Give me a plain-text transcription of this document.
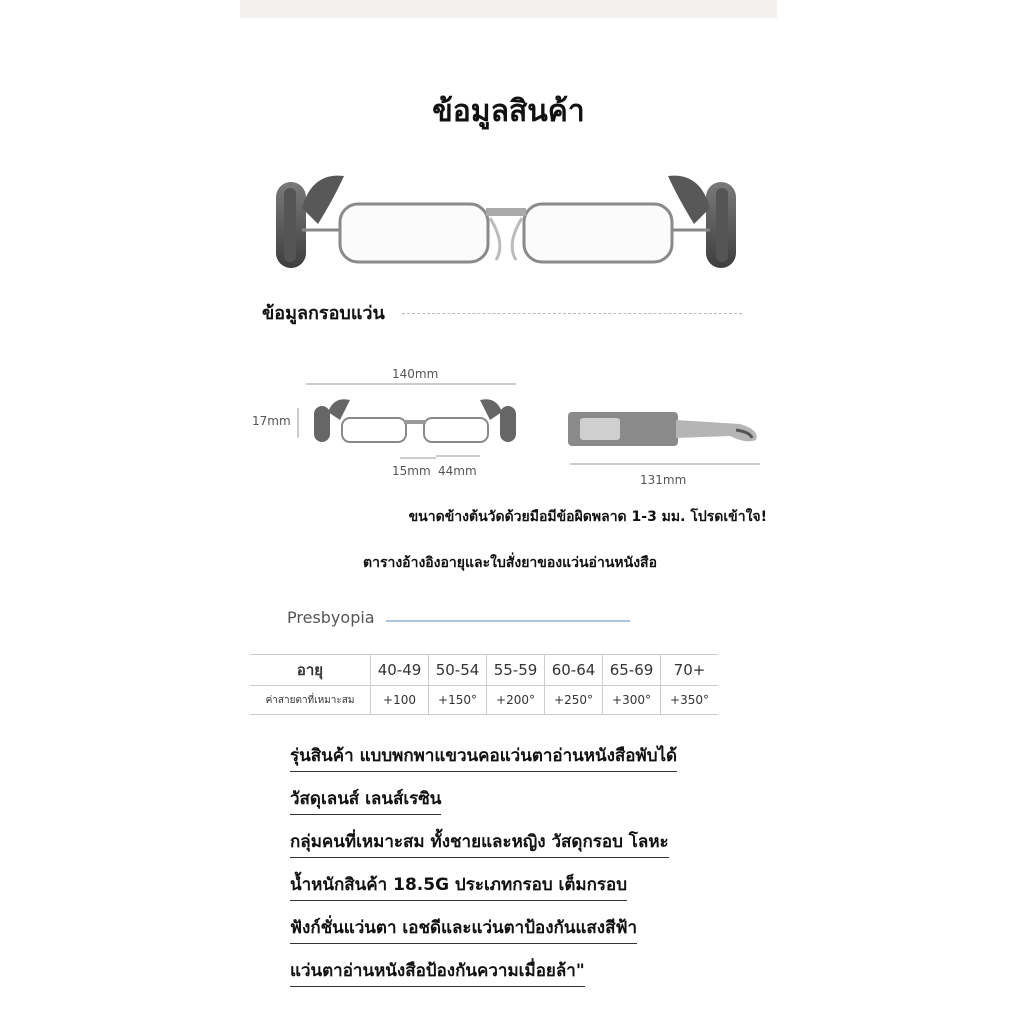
ข้อมูลสินค้า
ข้อมูลกรอบแว่น
140mm
17mm
15mm 44mm
131mm
ขนาดข้างต้นวัดด้วยมือมีข้อผิดพลาด 1-3 มม. โปรดเข้าใจ!
ตารางอ้างอิงอายุและใบสั่งยาของแว่นอ่านหนังสือ
Presbyopia
อายุ	40-49	50-54	55-59	60-64	65-69	70+
ค่าสายตาที่เหมาะสม	+100	+150°	+200°	+250°	+300°	+350°
รุ่นสินค้า แบบพกพาแขวนคอแว่นตาอ่านหนังสือพับได้
วัสดุเลนส์ เลนส์เรซิน
กลุ่มคนที่เหมาะสม ทั้งชายและหญิง วัสดุกรอบ โลหะ
น้ำหนักสินค้า 18.5G ประเภทกรอบ เต็มกรอบ
ฟังก์ชั่นแว่นตา เอชดีและแว่นตาป้องกันแสงสีฟ้า
แว่นตาอ่านหนังสือป้องกันความเมื่อยล้า"
